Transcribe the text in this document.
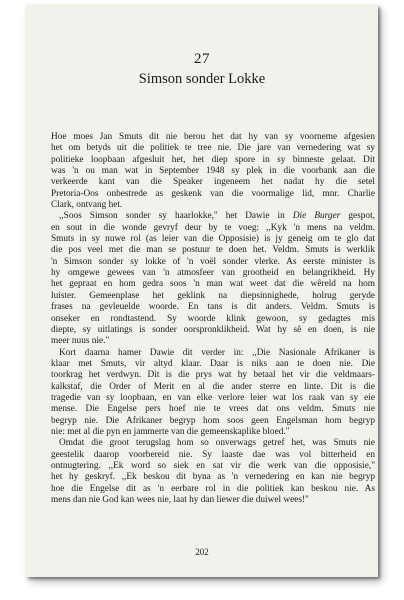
27
Simson sonder Lokke
Hoe moes Jan Smuts dit nie berou het dat hy van sy voorneme afgesien
het om betyds uit die politiek te tree nie. Die jare van vernedering wat sy
politieke loopbaan afgesluit het, het diep spore in sy binneste gelaat. Dit
was 'n ou man wat in September 1948 sy plek in die voorbank aan die
verkeerde kant van die Speaker ingeneem het nadat hy die setel
Pretoria-Oos onbestrede as geskenk van die voormalige lid, mnr. Charlie
Clark, ontvang het.
,,Soos Simson sonder sy haarlokke," het Dawie in Die Burger gespot,
en sout in die wonde gevryf deur by te voeg: ,,Kyk 'n mens na veldm.
Smuts in sy nuwe rol (as leier van die Opposisie) is jy geneig om te glo dat
die pos veel met die man se postuur te doen het. Veldm. Smuts is werklik
'n Simson sonder sy lokke of 'n voël sonder vlerke. As eerste minister is
hy omgewe gewees van 'n atmosfeer van grootheid en belangrikheid. Hy
het gepraat en hom gedra soos 'n man wat weet dat die wêreld na hom
luister. Gemeenplase het geklink na diepsinnighede, holrug geryde
frases na gevleuelde woorde. En tans is dit anders. Veldm. Smuts is
onseker en rondtastend. Sy woorde klink gewoon, sy gedagtes mis
diepte, sy uitlatings is sonder oorspronklikheid. Wat hy sê en doen, is nie
meer nuus nie."
Kort daarna hamer Dawie dit verder in: ,,Die Nasionale Afrikaner is
klaar met Smuts, vir altyd klaar. Daar is niks aan te doen nie. Die
toorkrag het verdwyn. Dit is die prys wat hy betaal het vir die veldmaars-
kalkstaf, die Order of Merit en al die ander sterre en linte. Dit is die
tragedie van sy loopbaan, en van elke verlore leier wat los raak van sy eie
mense. Die Engelse pers hoef nie te vrees dat ons veldm. Smuts nie
begryp nie. Die Afrikaner begryp hom soos geen Engelsman hom begryp
nie: met al die pyn en jammerte van die gemeenskaplike bloed."
Omdat die groot terugslag hom so onverwags getref het, was Smuts nie
geestelik daarop voorbereid nie. Sy laaste dae was vol bitterheid en
ontnugtering. ,,Ek word so siek en sat vir die werk van die opposisie,"
het hy geskryf. ,,Ek beskou dit byna as 'n vernedering en kan nie begryp
hoe die Engelse dit as 'n eerbare rol in die politiek kan beskou nie. As
mens dan nie God kan wees nie, laat hy dan liewer die duiwel wees!"
202
